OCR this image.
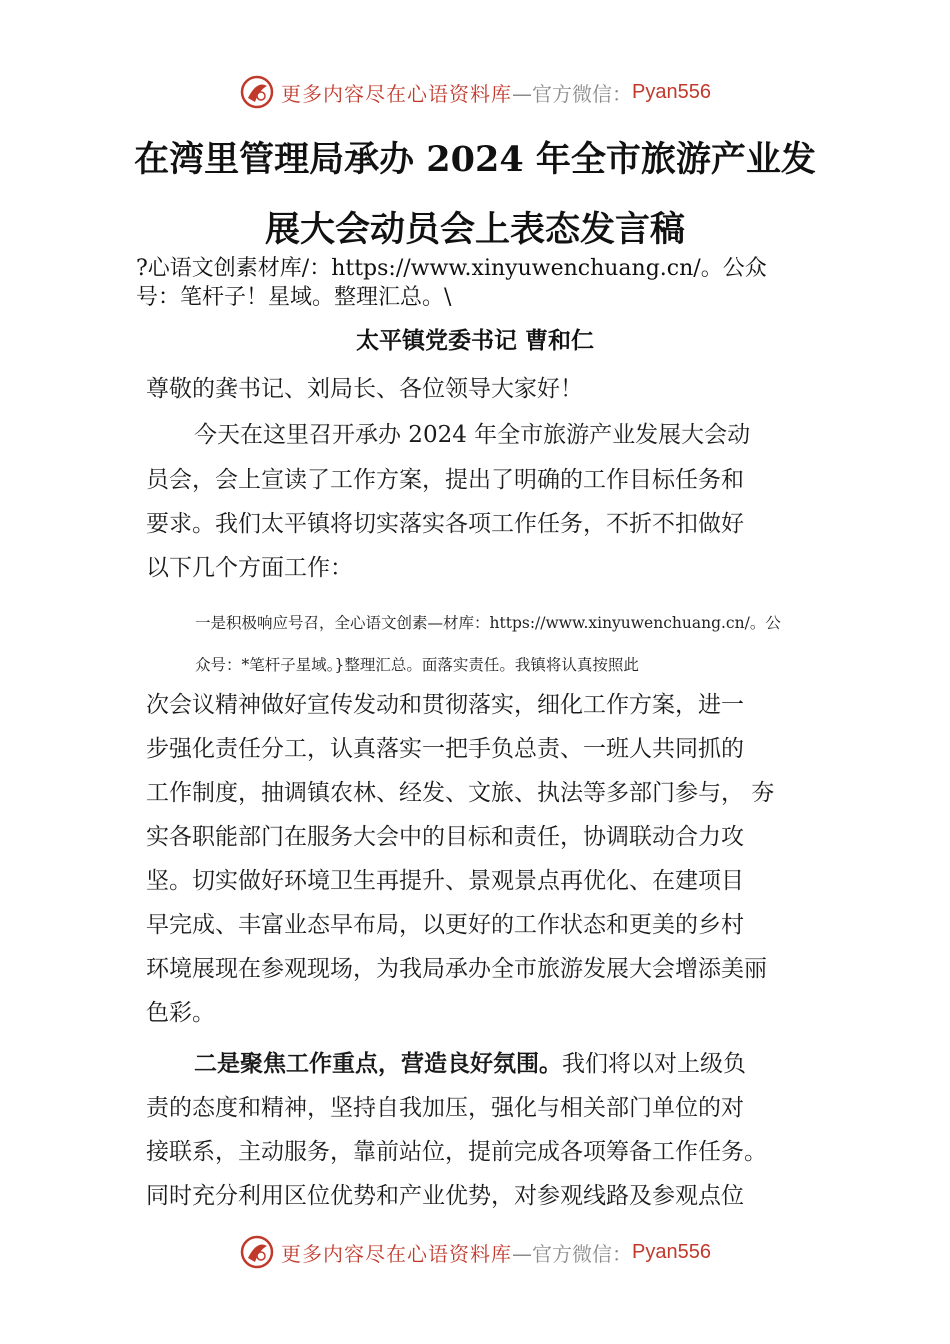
更多内容尽在心语资料库 —官方微信： Pyan556
在湾里管理局承办 2024 年全市旅游产业发
展大会动员会上表态发言稿
?心语文创素材库/：https://www.xinyuwenchuang.cn/。公众
号：笔杆子！星域。整理汇总。\
太平镇党委书记 曹和仁
尊敬的龚书记、刘局长、各位领导大家好！
今天在这里召开承办 2024 年全市旅游产业发展大会动
员会，会上宣读了工作方案，提出了明确的工作目标任务和
要求。我们太平镇将切实落实各项工作任务，不折不扣做好
以下几个方面工作：
一是积极响应号召，全心语文创素—材库：https://www.xinyuwenchuang.cn/。公
众号：*笔杆子星域。}整理汇总。面落实责任。我镇将认真按照此
次会议精神做好宣传发动和贯彻落实，细化工作方案，进一
步强化责任分工，认真落实一把手负总责、一班人共同抓的
工作制度，抽调镇农林、经发、文旅、执法等多部门参与， 夯
实各职能部门在服务大会中的目标和责任，协调联动合力攻
坚。切实做好环境卫生再提升、景观景点再优化、在建项目
早完成、丰富业态早布局，以更好的工作状态和更美的乡村
环境展现在参观现场，为我局承办全市旅游发展大会增添美丽
色彩。
二是聚焦工作重点，营造良好氛围。我们将以对上级负
责的态度和精神，坚持自我加压，强化与相关部门单位的对
接联系，主动服务，靠前站位，提前完成各项筹备工作任务。
同时充分利用区位优势和产业优势，对参观线路及参观点位
更多内容尽在心语资料库 —官方微信： Pyan556
